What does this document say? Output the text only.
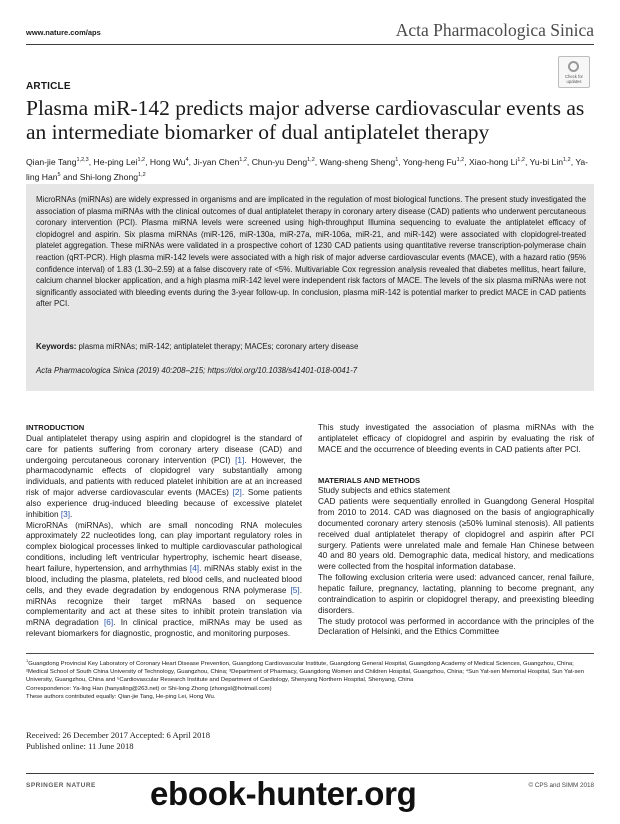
www.nature.com/aps	Acta Pharmacologica Sinica
Check for updates
ARTICLE
Plasma miR-142 predicts major adverse cardiovascular events as an intermediate biomarker of dual antiplatelet therapy
Qian-jie Tang$^{1,2,3}$, He-ping Lei$^{1,2}$, Hong Wu$^4$, Ji-yan Chen$^{1,2}$, Chun-yu Deng$^{1,2}$, Wang-sheng Sheng$^1$, Yong-heng Fu$^{1,2}$, Xiao-hong Li$^{1,2}$, Yu-bi Lin$^{1,2}$, Ya-ling Han$^5$ and Shi-long Zhong$^{1,2}$
MicroRNAs (miRNAs) are widely expressed in organisms and are implicated in the regulation of most biological functions. The present study investigated the association of plasma miRNAs with the clinical outcomes of dual antiplatelet therapy in coronary artery disease (CAD) patients who underwent percutaneous coronary intervention (PCI). Plasma miRNA levels were screened using high-throughput Illumina sequencing to evaluate the antiplatelet efficacy of clopidogrel and aspirin. Six plasma miRNAs (miR-126, miR-130a, miR-27a, miR-106a, miR-21, and miR-142) were associated with clopidogrel-treated platelet aggregation. These miRNAs were validated in a prospective cohort of 1230 CAD patients using quantitative reverse transcription-polymerase chain reaction (qRT-PCR). High plasma miR-142 levels were associated with a high risk of major adverse cardiovascular events (MACE), with a hazard ratio (95% confidence interval) of 1.83 (1.30–2.59) at a false discovery rate of <5%. Multivariable Cox regression analysis revealed that diabetes mellitus, heart failure, calcium channel blocker application, and a high plasma miR-142 level were independent risk factors of MACE. The levels of the six plasma miRNAs were not significantly associated with bleeding events during the 3-year follow-up. In conclusion, plasma miR-142 is potential marker to predict MACE in CAD patients after PCI.
Keywords: plasma miRNAs; miR-142; antiplatelet therapy; MACEs; coronary artery disease
Acta Pharmacologica Sinica (2019) 40:208–215; https://doi.org/10.1038/s41401-018-0041-7

INTRODUCTION

Dual antiplatelet therapy using aspirin and clopidogrel is the standard of care for patients suffering from coronary artery disease (CAD) and undergoing percutaneous coronary intervention (PCI) [1]. However, the pharmacodynamic effects of clopidogrel vary substantially among individuals, and patients with reduced platelet inhibition are at an increased risk of major adverse cardiovascular events (MACEs) [2]. Some patients also experience drug-induced bleeding because of excessive platelet inhibition [3].

MicroRNAs (miRNAs), which are small noncoding RNA molecules approximately 22 nucleotides long, can play important regulatory roles in complex biological processes linked to multiple cardiovascular pathological conditions, including left ventricular hypertrophy, ischemic heart disease, heart failure, hypertension, and arrhythmias [4]. miRNAs stably exist in the blood, including the plasma, platelets, red blood cells, and nucleated blood cells, and they evade degradation by endogenous RNA polymerase [5]. miRNAs recognize their target mRNAs based on sequence complementarity and act at these sites to inhibit protein translation via mRNA degradation [6]. In clinical practice, miRNAs may be used as relevant biomarkers for diagnostic, prognostic, and monitoring purposes.

This study investigated the association of plasma miRNAs with the antiplatelet efficacy of clopidogrel and aspirin by evaluating the risk of MACE and the occurrence of bleeding events in CAD patients after PCI.

MATERIALS AND METHODS

Study subjects and ethics statement

CAD patients were sequentially enrolled in Guangdong General Hospital from 2010 to 2014. CAD was diagnosed on the basis of angiographically documented coronary artery stenosis (≥50% luminal stenosis). All patients received dual antiplatelet therapy of clopidogrel and aspirin after PCI surgery. Patients were unrelated male and female Han Chinese between 40 and 80 years old. Demographic data, medical history, and medications were collected from the hospital information database.

The following exclusion criteria were used: advanced cancer, renal failure, hepatic failure, pregnancy, lactating, planning to become pregnant, any contraindication to aspirin or clopidogrel therapy, and preexisting bleeding disorders.

The study protocol was performed in accordance with the principles of the Declaration of Helsinki, and the Ethics Committee

$^1$Guangdong Provincial Key Laboratory of Coronary Heart Disease Prevention, Guangdong Cardiovascular Institute, Guangdong General Hospital, Guangdong Academy of Medical Sciences, Guangzhou, China; ²Medical School of South China University of Technology, Guangzhou, China; ³Department of Pharmacy, Guangdong Women and Children Hospital, Guangzhou, China; ⁴Sun Yat-sen Memorial Hospital, Sun Yat-sen University, Guangzhou, China and ⁵Cardiovascular Research Institute and Department of Cardiology, Shenyang Northern Hospital, Shenyang, China
Correspondence: Ya-ling Han (hanyaling@263.net) or Shi-long Zhong (zhongsl@hotmail.com)
These authors contributed equally: Qian-jie Tang, He-ping Lei, Hong Wu.
Received: 26 December 2017 Accepted: 6 April 2018
Published online: 11 June 2018
SPRINGER NATURE	© CPS and SIMM 2018
ebook-hunter.org
